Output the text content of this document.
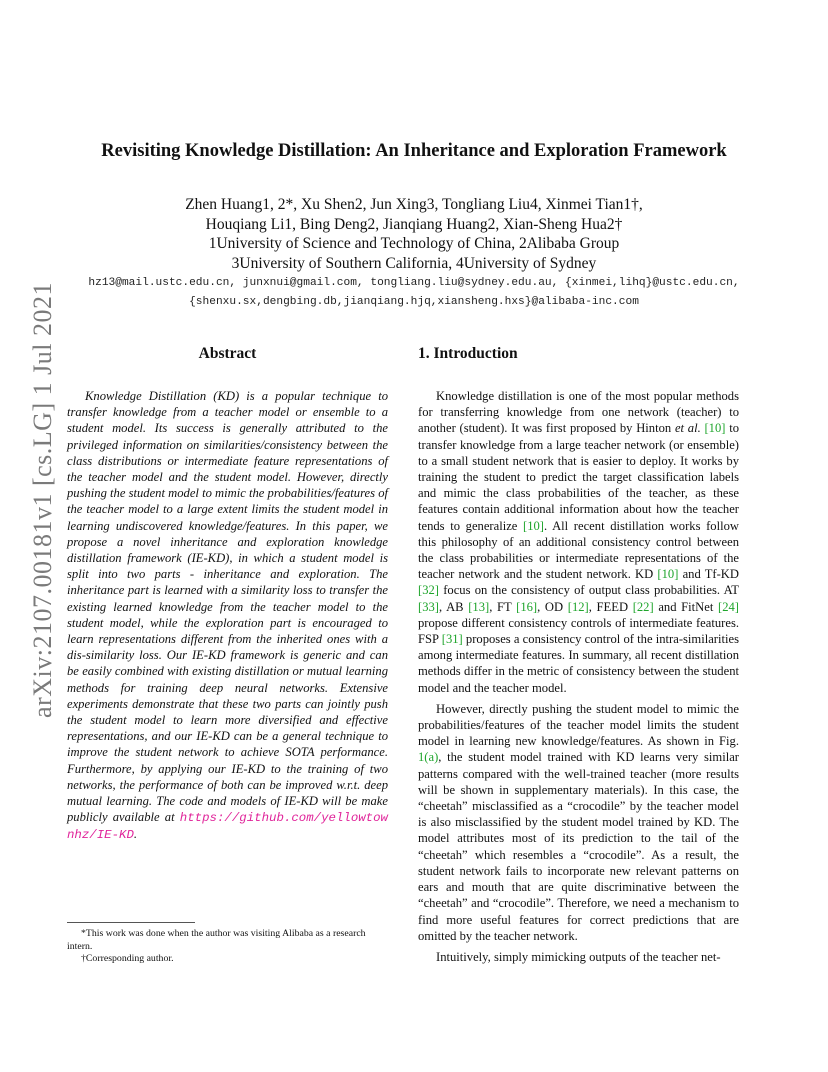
arXiv:2107.00181v1 [cs.LG] 1 Jul 2021
Revisiting Knowledge Distillation: An Inheritance and Exploration Framework
Zhen Huang1, 2*, Xu Shen2, Jun Xing3, Tongliang Liu4, Xinmei Tian1†,
Houqiang Li1, Bing Deng2, Jianqiang Huang2, Xian-Sheng Hua2†
1University of Science and Technology of China, 2Alibaba Group
3University of Southern California, 4University of Sydney
hz13@mail.ustc.edu.cn, junxnui@gmail.com, tongliang.liu@sydney.edu.au, {xinmei,lihq}@ustc.edu.cn,
{shenxu.sx,dengbing.db,jianqiang.hjq,xiansheng.hxs}@alibaba-inc.com
Abstract

Knowledge Distillation (KD) is a popular technique to transfer knowledge from a teacher model or ensemble to a student model. Its success is generally attributed to the privileged information on similarities/consistency between the class distributions or intermediate feature representations of the teacher model and the student model. However, directly pushing the student model to mimic the probabilities/features of the teacher model to a large extent limits the student model in learning undiscovered knowledge/features. In this paper, we propose a novel inheritance and exploration knowledge distillation framework (IE-KD), in which a student model is split into two parts - inheritance and exploration. The inheritance part is learned with a similarity loss to transfer the existing learned knowledge from the teacher model to the student model, while the exploration part is encouraged to learn representations different from the inherited ones with a dis-similarity loss. Our IE-KD framework is generic and can be easily combined with existing distillation or mutual learning methods for training deep neural networks. Extensive experiments demonstrate that these two parts can jointly push the student model to learn more diversified and effective representations, and our IE-KD can be a general technique to improve the student network to achieve SOTA performance. Furthermore, by applying our IE-KD to the training of two networks, the performance of both can be improved w.r.t. deep mutual learning. The code and models of IE-KD will be make publicly available at https://github.com/yellowtownhz/IE-KD.

1. Introduction

Knowledge distillation is one of the most popular methods for transferring knowledge from one network (teacher) to another (student). It was first proposed by Hinton et al. [10] to transfer knowledge from a large teacher network (or ensemble) to a small student network that is easier to deploy. It works by training the student to predict the target classification labels and mimic the class probabilities of the teacher, as these features contain additional information about how the teacher tends to generalize [10]. All recent distillation works follow this philosophy of an additional consistency control between the class probabilities or intermediate representations of the teacher network and the student network. KD [10] and Tf-KD [32] focus on the consistency of output class probabilities. AT [33], AB [13], FT [16], OD [12], FEED [22] and FitNet [24] propose different consistency controls of intermediate features. FSP [31] proposes a consistency control of the intra-similarities among intermediate features. In summary, all recent distillation methods differ in the metric of consistency between the student model and the teacher model.

However, directly pushing the student model to mimic the probabilities/features of the teacher model limits the student model in learning new knowledge/features. As shown in Fig. 1(a), the student model trained with KD learns very similar patterns compared with the well-trained teacher (more results will be shown in supplementary materials). In this case, the “cheetah” misclassified as a “crocodile” by the teacher model is also misclassified by the student model trained by KD. The model attributes most of its prediction to the tail of the “cheetah” which resembles a “crocodile”. As a result, the student network fails to incorporate new relevant patterns on ears and mouth that are quite discriminative between the “cheetah” and “crocodile”. Therefore, we need a mechanism to find more useful features for correct predictions that are omitted by the teacher network.

Intuitively, simply mimicking outputs of the teacher net-

*This work was done when the author was visiting Alibaba as a research intern.

†Corresponding author.
